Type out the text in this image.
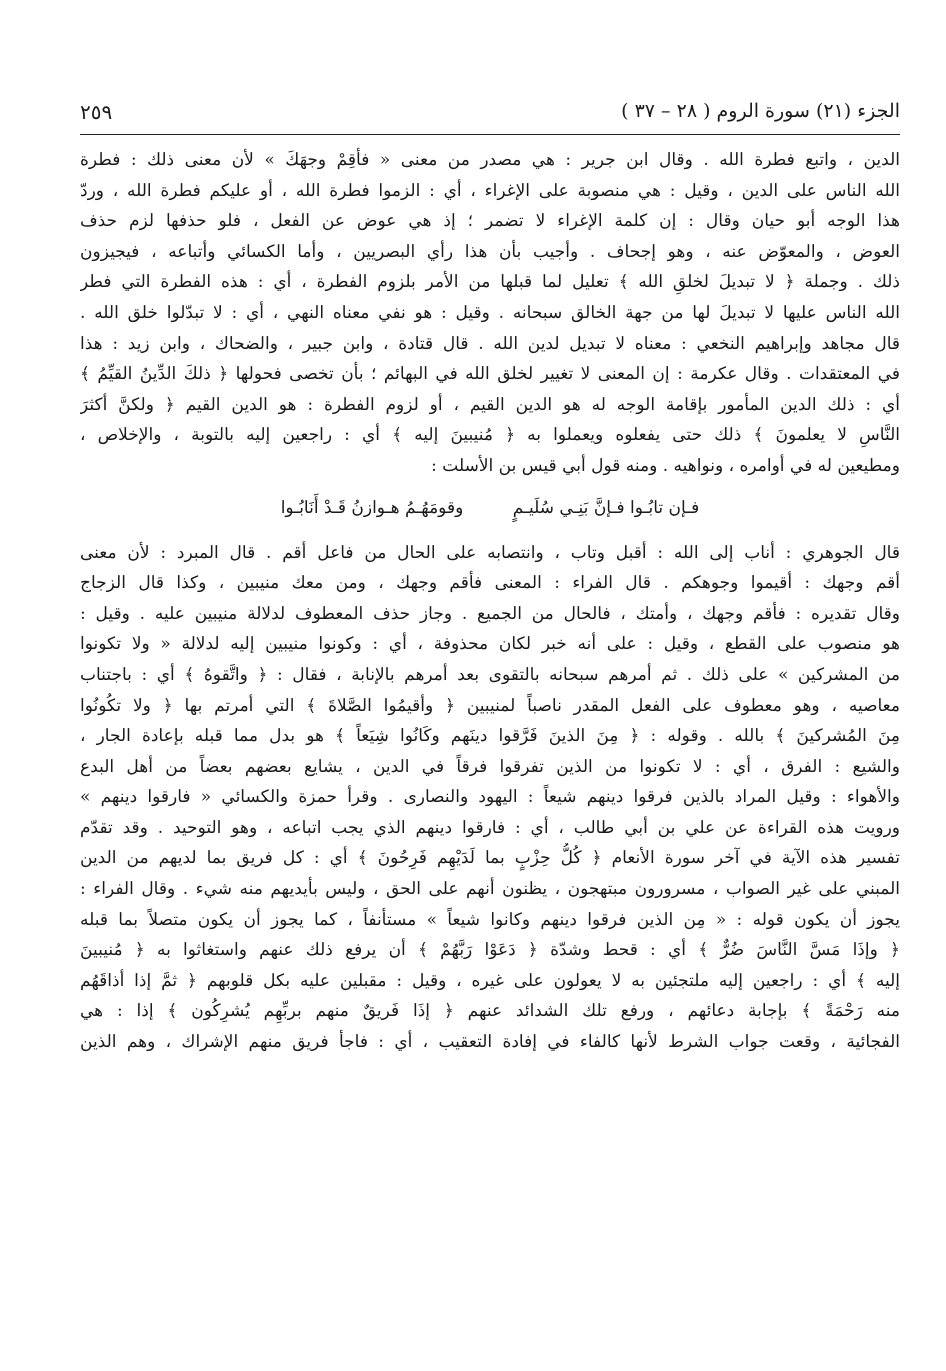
الجزء (٢١) سورة الروم ( ٢٨ – ٣٧ )
٢٥٩
الدين ، واتبع فطرة الله . وقال ابن جرير : هي مصدر من معنى « فأقِمْ وجهَكَ » لأن معنى ذلك : فطرة
الله الناس على الدين ، وقيل : هي منصوبة على الإغراء ، أي : الزموا فطرة الله ، أو عليكم فطرة الله ، وردّ
هذا الوجه أبو حيان وقال : إن كلمة الإغراء لا تضمر ؛ إذ هي عوض عن الفعل ، فلو حذفها لزم حذف
العوض ، والمعوّض عنه ، وهو إجحاف . وأجيب بأن هذا رأي البصريين ، وأما الكسائي وأتباعه ، فيجيزون
ذلك . وجملة ﴿ لا تبديلَ لخلقِ الله ﴾ تعليل لما قبلها من الأمر بلزوم الفطرة ، أي : هذه الفطرة التي فطر
الله الناس عليها لا تبديلَ لها من جهة الخالق سبحانه . وقيل : هو نفي معناه النهي ، أي : لا تبدّلوا خلق الله .
قال مجاهد وإبراهيم النخعي : معناه لا تبديل لدين الله . قال قتادة ، وابن جبير ، والضحاك ، وابن زيد : هذا
في المعتقدات . وقال عكرمة : إن المعنى لا تغيير لخلق الله في البهائم ؛ بأن تخصى فحولها ﴿ ذلكَ الدِّينُ القيِّمُ ﴾
أي : ذلك الدين المأمور بإقامة الوجه له هو الدين القيم ، أو لزوم الفطرة : هو الدين القيم ﴿ ولكنَّ أكثرَ
النَّاسِ لا يعلمونَ ﴾ ذلك حتى يفعلوه ويعملوا به ﴿ مُنيبينَ إليه ﴾ أي : راجعين إليه بالتوبة ، والإخلاص ،
ومطيعين له في أوامره ، ونواهيه . ومنه قول أبي قيس بن الأسلت :
فـإن تابُـوا فـإنَّ بَنِـي سُلَيـمٍ وقومَهُـمُ هـوازنُ قَـدْ أَنَابُـوا
قال الجوهري : أناب إلى الله : أقبل وتاب ، وانتصابه على الحال من فاعل أقم . قال المبرد : لأن معنى
أقم وجهك : أقيموا وجوهكم . قال الفراء : المعنى فأقم وجهك ، ومن معك منيبين ، وكذا قال الزجاج
وقال تقديره : فأقم وجهك ، وأمتك ، فالحال من الجميع . وجاز حذف المعطوف لدلالة منيبين عليه . وقيل :
هو منصوب على القطع ، وقيل : على أنه خبر لكان محذوفة ، أي : وكونوا منيبين إليه لدلالة « ولا تكونوا
من المشركين » على ذلك . ثم أمرهم سبحانه بالتقوى بعد أمرهم بالإنابة ، فقال : ﴿ واتَّقوهُ ﴾ أي : باجتناب
معاصيه ، وهو معطوف على الفعل المقدر ناصباً لمنيبين ﴿ وأقيمُوا الصَّلاةَ ﴾ التي أمرتم بها ﴿ ولا تكُونُوا
مِنَ المُشركينَ ﴾ بالله . وقوله : ﴿ مِنَ الذينَ فَرَّقوا دينَهم وكَانُوا شِيَعاً ﴾ هو بدل مما قبله بإعادة الجار ،
والشيع : الفرق ، أي : لا تكونوا من الذين تفرقوا فرقاً في الدين ، يشايع بعضهم بعضاً من أهل البدع
والأهواء : وقيل المراد بالذين فرقوا دينهم شيعاً : اليهود والنصارى . وقرأ حمزة والكسائي « فارقوا دينهم »
ورويت هذه القراءة عن علي بن أبي طالب ، أي : فارقوا دينهم الذي يجب اتباعه ، وهو التوحيد . وقد تقدّم
تفسير هذه الآية في آخر سورة الأنعام ﴿ كُلُّ حِزْبٍ بما لَدَيْهِم فَرِحُونَ ﴾ أي : كل فريق بما لديهم من الدين
المبني على غير الصواب ، مسرورون مبتهجون ، يظنون أنهم على الحق ، وليس بأيديهم منه شيء . وقال الفراء :
يجوز أن يكون قوله : « مِن الذين فرقوا دينهم وكانوا شيعاً » مستأنفاً ، كما يجوز أن يكون متصلاً بما قبله
﴿ وإذَا مَسَّ النَّاسَ ضُرٌّ ﴾ أي : قحط وشدّة ﴿ دَعَوْا رَبَّهُمْ ﴾ أن يرفع ذلك عنهم واستغاثوا به ﴿ مُنيبينَ
إليه ﴾ أي : راجعين إليه ملتجئين به لا يعولون على غيره ، وقيل : مقبلين عليه بكل قلوبهم ﴿ ثمَّ إذا أذاقَهُم
منه رَحْمَةً ﴾ بإجابة دعائهم ، ورفع تلك الشدائد عنهم ﴿ إذَا فَريقٌ منهم بربِّهِم يُشرِكُون ﴾ إذا : هي
الفجائية ، وقعت جواب الشرط لأنها كالفاء في إفادة التعقيب ، أي : فاجأ فريق منهم الإشراك ، وهم الذين
